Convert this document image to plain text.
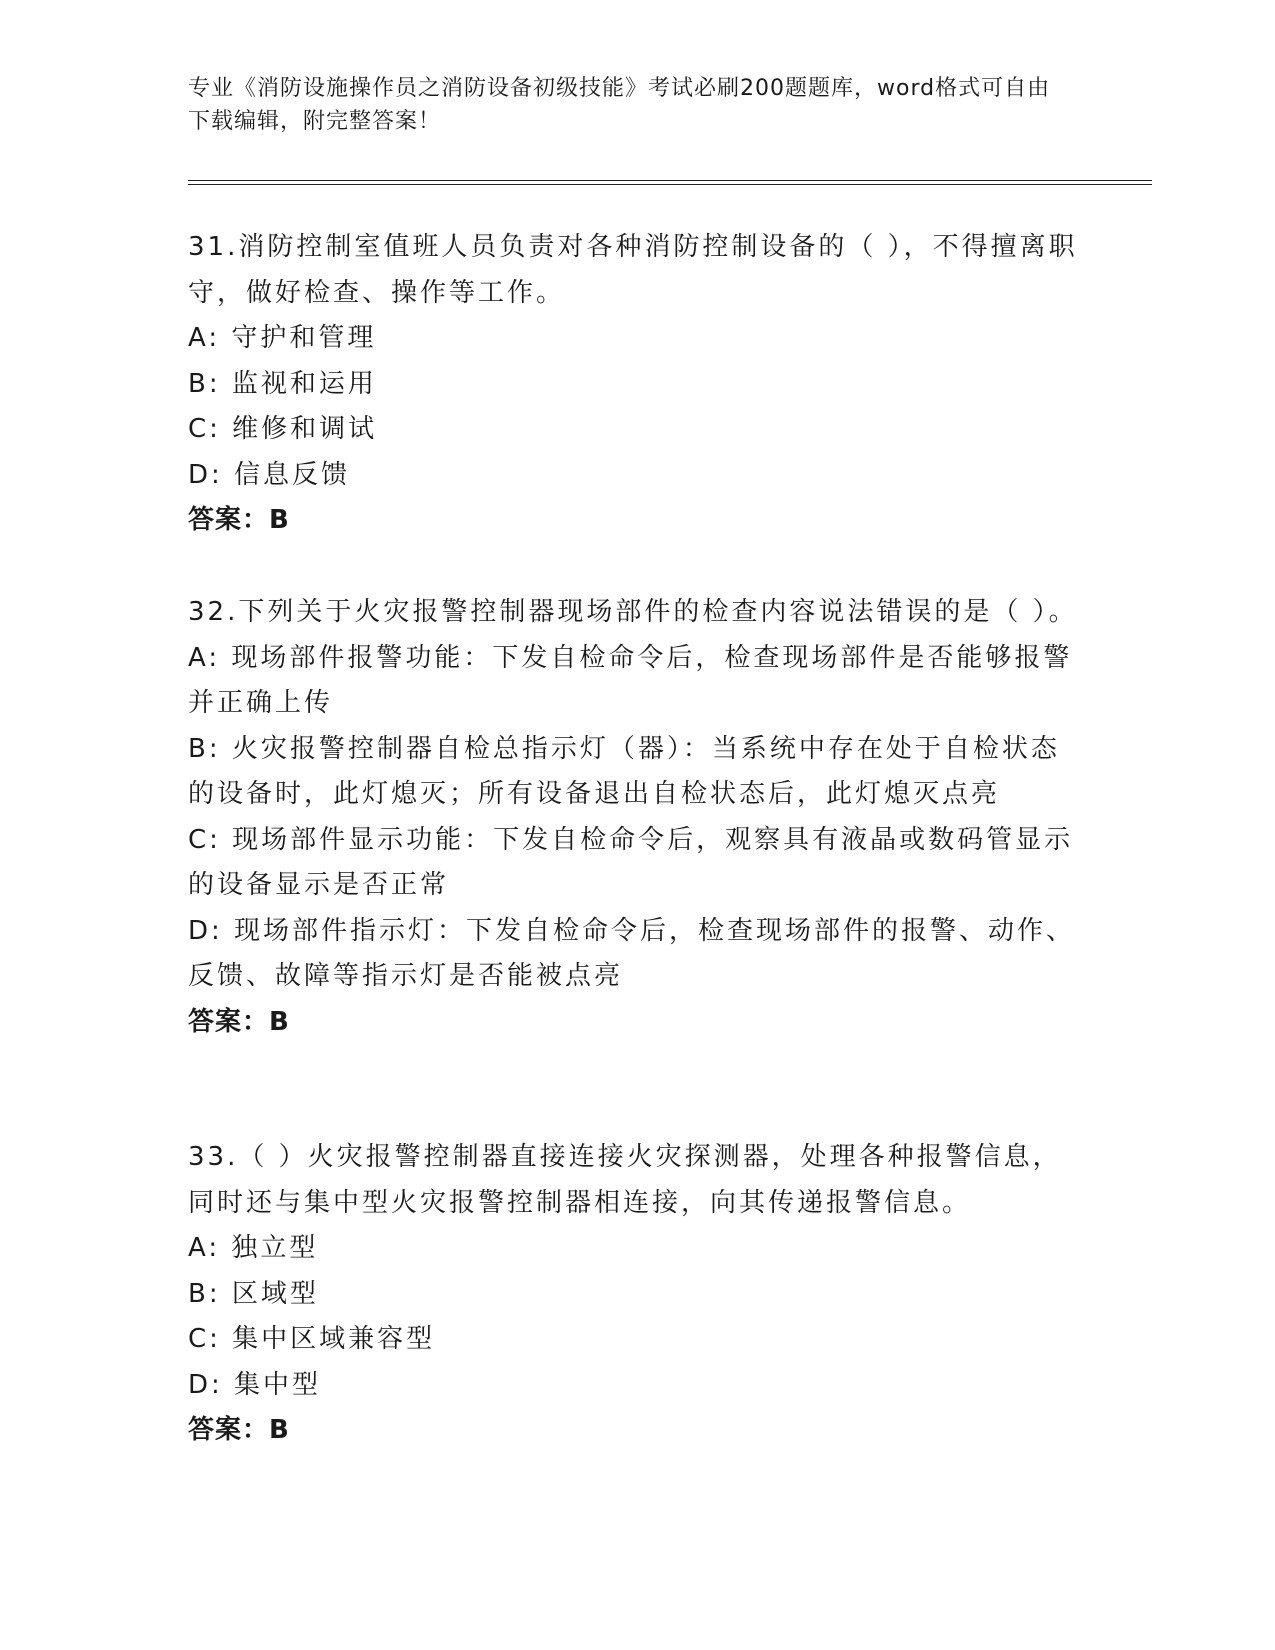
专业《消防设施操作员之消防设备初级技能》考试必刷200题题库，word格式可自由下载编辑，附完整答案！
31.消防控制室值班人员负责对各种消防控制设备的（ ），不得擅离职守，做好检查、操作等工作。
A: 守护和管理
B: 监视和运用
C: 维修和调试
D: 信息反馈
答案：B
32.下列关于火灾报警控制器现场部件的检查内容说法错误的是（ ）。
A: 现场部件报警功能：下发自检命令后，检查现场部件是否能够报警并正确上传
B: 火灾报警控制器自检总指示灯（器）：当系统中存在处于自检状态的设备时，此灯熄灭；所有设备退出自检状态后，此灯熄灭点亮
C: 现场部件显示功能：下发自检命令后，观察具有液晶或数码管显示的设备显示是否正常
D: 现场部件指示灯：下发自检命令后，检查现场部件的报警、动作、反馈、故障等指示灯是否能被点亮
答案：B
33.（ ）火灾报警控制器直接连接火灾探测器，处理各种报警信息，同时还与集中型火灾报警控制器相连接，向其传递报警信息。
A: 独立型
B: 区域型
C: 集中区域兼容型
D: 集中型
答案：B
